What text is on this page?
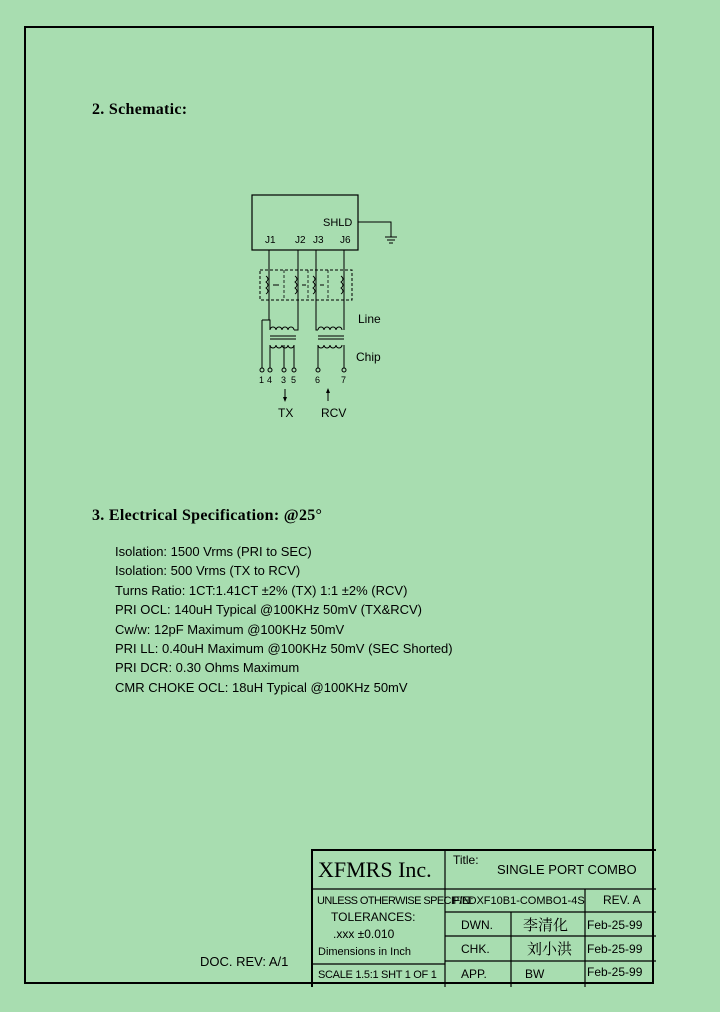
2. Schematic:
SHLD
J1 J2 J3 J6
Line
Chip
1 4 3 5 6 7
TX RCV
3. Electrical Specification: @25°
Isolation: 1500 Vrms (PRI to SEC)
Isolation: 500 Vrms (TX to RCV)
Turns Ratio: 1CT:1.41CT ±2% (TX) 1:1 ±2% (RCV)
PRI OCL: 140uH Typical @100KHz 50mV (TX&RCV)
Cw/w: 12pF Maximum @100KHz 50mV
PRI LL: 0.40uH Maximum @100KHz 50mV (SEC Shorted)
PRI DCR: 0.30 Ohms Maximum
CMR CHOKE OCL: 18uH Typical @100KHz 50mV
DOC. REV: A/1
XFMRS Inc. Title:
SINGLE PORT COMBO
UNLESS OTHERWISE SPECIFIED
TOLERANCES:
.xxx ±0.010
Dimensions in Inch
SCALE 1.5:1 SHT 1 OF 1
P/N: XF10B1-COMBO1-4S REV. A
DWN. 李清化 Feb-25-99
CHK. 刘小洪 Feb-25-99
APP.	BW	Feb-25-99
